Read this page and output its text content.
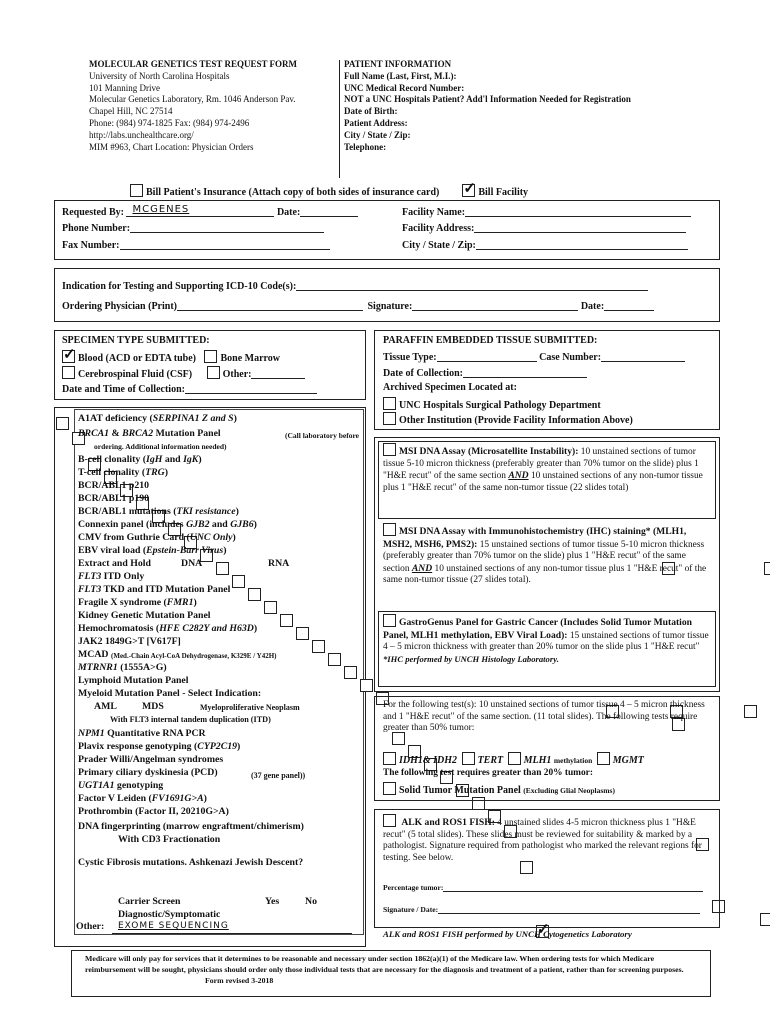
MOLECULAR GENETICS TEST REQUEST FORM
University of North Carolina Hospitals
101 Manning Drive
Molecular Genetics Laboratory, Rm. 1046 Anderson Pav.
Chapel Hill, NC 27514
Phone: (984) 974-1825 Fax: (984) 974-2496
http://labs.unchealthcare.org/
MIM #963, Chart Location: Physician Orders
PATIENT INFORMATION
Full Name (Last, First, M.I.):
UNC Medical Record Number:
NOT a UNC Hospitals Patient? Add'l Information Needed for Registration
Date of Birth:
Patient Address:
City / State / Zip:
Telephone:
Bill Patient's Insurance (Attach copy of both sides of insurance card) ✓	Bill Facility
Requested By: MCGENES	Date:
Phone Number:
Fax Number:
Facility Name:
Facility Address:
City / State / Zip:
Indication for Testing and Supporting ICD-10 Code(s):
Ordering Physician (Print)	Signature:	Date:
SPECIMEN TYPE SUBMITTED:
✓Blood (ACD or EDTA tube) Bone Marrow
Cerebrospinal Fluid (CSF)	Other:
Date and Time of Collection:
PARAFFIN EMBEDDED TISSUE SUBMITTED:
Tissue Type:	Case Number:
Date of Collection:
Archived Specimen Located at:
UNC Hospitals Surgical Pathology Department
Other Institution (Provide Facility Information Above)
A1AT deficiency (SERPINA1 Z and S)
BRCA1 & BRCA2 Mutation Panel
B-cell clonality (IgH and IgK)
T-cell clonality (TRG)
BCR/ABL1 p210
BCR/ABL1 p190
BCR/ABL1 mutations (TKI resistance)
Connexin panel (includes GJB2 and GJB6)
CMV from Guthrie Card (UNC Only)
EBV viral load (Epstein-Barr Virus)
Extract and Hold
FLT3 ITD Only
FLT3 TKD and ITD Mutation Panel
Fragile X syndrome (FMR1)
Kidney Genetic Mutation Panel
Hemochromatosis (HFE C282Y and H63D)
JAK2 1849G>T [V617F]
MCAD
MTRNR1 (1555A>G)
Lymphoid Mutation Panel
Myeloid Mutation Panel - Select Indication:
NPM1 Quantitative RNA PCR
Plavix response genotyping (CYP2C19)
Prader Willi/Angelman syndromes
Primary ciliary dyskinesia (PCD)
UGT1A1 genotyping
Factor V Leiden (FV1691G>A)
Prothrombin (Factor II, 20210G>A)
DNA fingerprinting (marrow engraftment/chimerism)
Cystic Fibrosis mutations. Ashkenazi Jewish Descent?
✓
Other:
(Call laboratory before
ordering. Additional information needed)
DNA	RNA
(Med.-Chain Acyl-CoA Dehydrogenase, K329E / Y42H)
AML	MDS	Myeloproliferative Neoplasm
With FLT3 internal tandem duplication (ITD)
(37 gene panel))
With CD3 Fractionation
Carrier Screen	Yes	No
Diagnostic/Symptomatic
EXOME SEQUENCING
MSI DNA Assay (Microsatellite Instability): 10 unstained sections of tumor tissue 5-10 micron thickness (preferably greater than 70% tumor on the slide) plus 1 "H&E recut" of the same section AND 10 unstained sections of any non-tumor tissue plus 1 "H&E recut" of the same non-tumor tissue (22 slides total)
MSI DNA Assay with Immunohistochemistry (IHC) staining* (MLH1, MSH2, MSH6, PMS2): 15 unstained sections of tumor tissue 5-10 micron thickness (preferably greater than 70% tumor on the slide) plus 1 "H&E recut" of the same section AND 10 unstained sections of any non-tumor tissue plus 1 "H&E recut" of the same non-tumor tissue (27 slides total).
GastroGenus Panel for Gastric Cancer (Includes Solid Tumor Mutation Panel, MLH1 methylation, EBV Viral Load): 15 unstained sections of tumor tissue 4 – 5 micron thickness with greater than 20% tumor on the slide plus 1 "H&E recut"
*IHC performed by UNCH Histology Laboratory.
For the following test(s): 10 unstained sections of tumor tissue 4 – 5 micron thickness and 1 "H&E recut" of the same section. (11 total slides). The following tests require greater than 50% tumor:
IDH1& IDH2 TERT MLH1 methylation MGMT
The following test requires greater than 20% tumor:
Solid Tumor Mutation Panel (Excluding Glial Neoplasms)
ALK and ROS1 FISH: 4 unstained slides 4-5 micron thickness plus 1 "H&E recut" (5 total slides). These slides must be reviewed for suitability & marked by a pathologist. Signature required from pathologist who marked the relevant regions for testing. See below.
Percentage tumor:
Signature / Date:
ALK and ROS1 FISH performed by UNCH Cytogenetics Laboratory
Medicare will only pay for services that it determines to be reasonable and necessary under section 1862(a)(1) of the Medicare law. When ordering tests for which Medicare reimbursement will be sought, physicians should order only those individual tests that are necessary for the diagnosis and treatment of a patient, rather than for screening purposes. Form revised 3-2018
